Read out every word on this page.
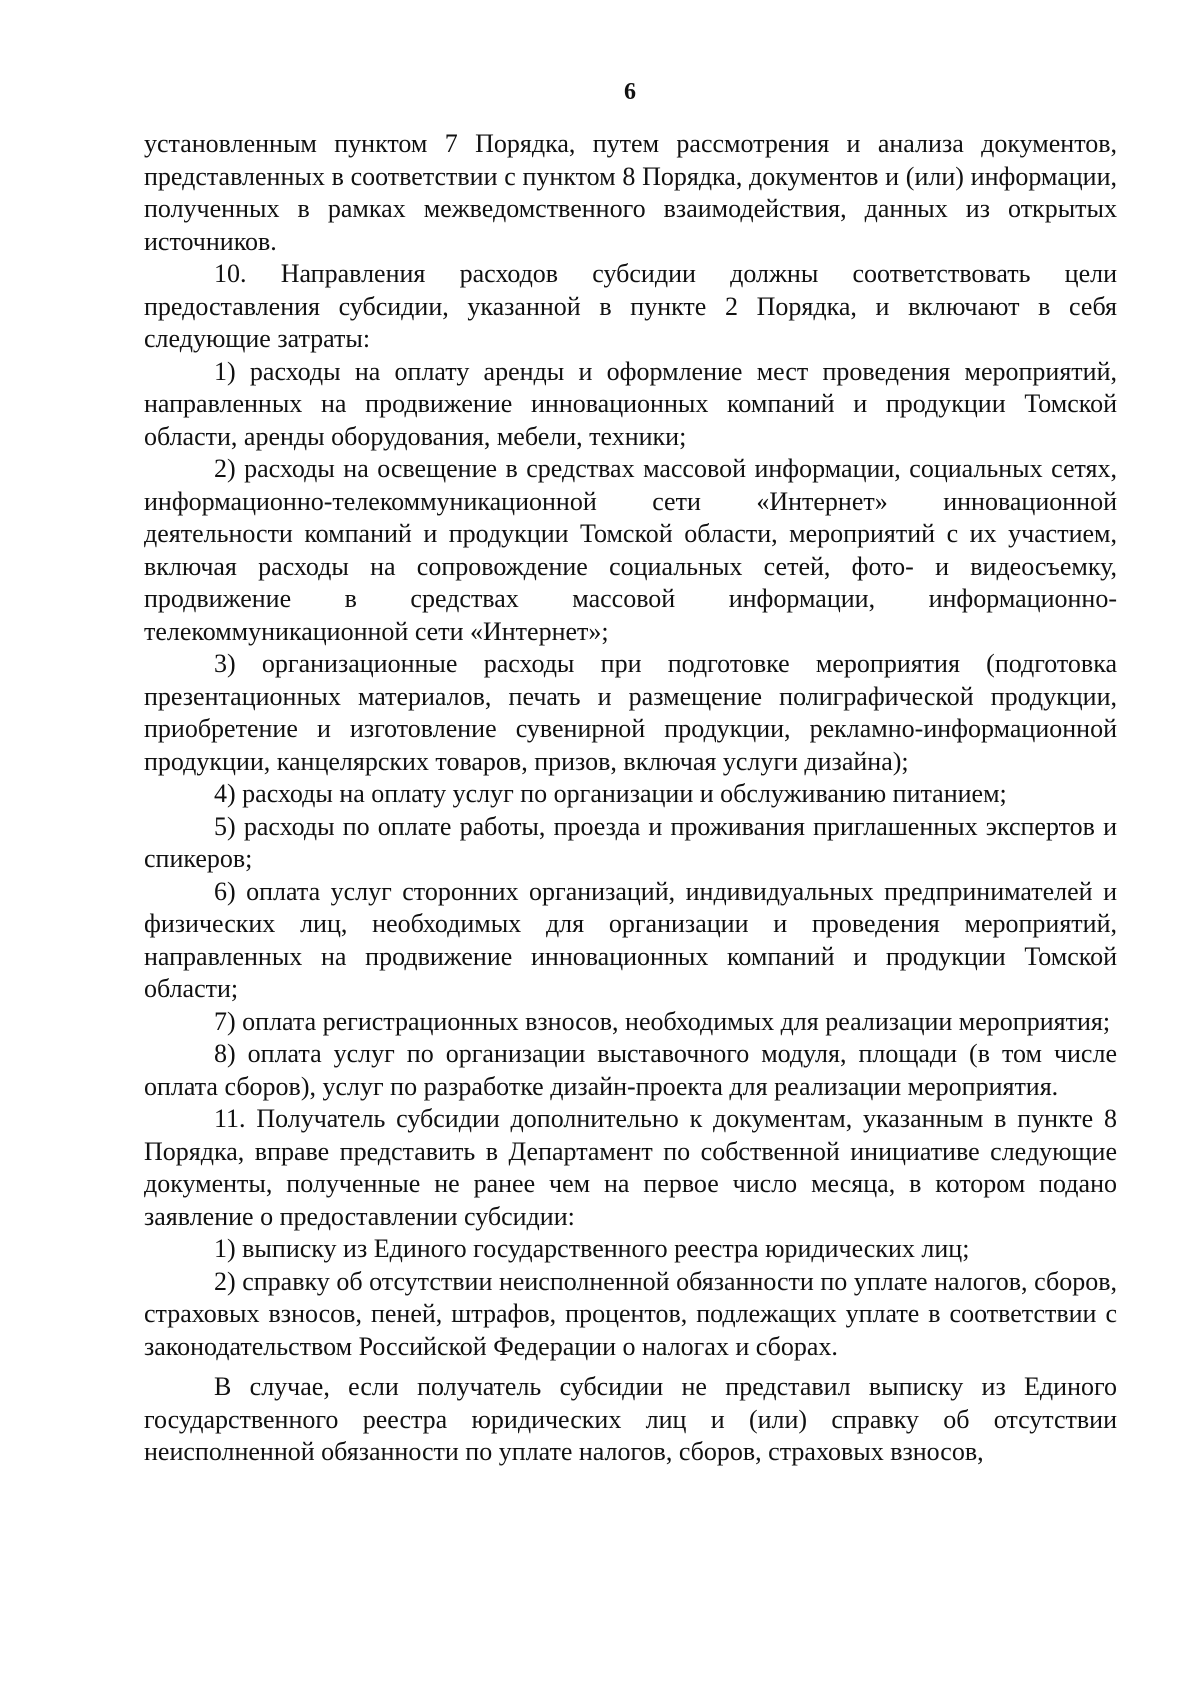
6

установленным пунктом 7 Порядка, путем рассмотрения и анализа документов, представленных в соответствии с пунктом 8 Порядка, документов и (или) информации, полученных в рамках межведомственного взаимодействия, данных из открытых источников.

10. Направления расходов субсидии должны соответствовать цели предоставления субсидии, указанной в пункте 2 Порядка, и включают в себя следующие затраты:

1) расходы на оплату аренды и оформление мест проведения мероприятий, направленных на продвижение инновационных компаний и продукции Томской области, аренды оборудования, мебели, техники;

2) расходы на освещение в средствах массовой информации, социальных сетях, информационно-телекоммуникационной сети «Интернет» инновационной деятельности компаний и продукции Томской области, мероприятий с их участием, включая расходы на сопровождение социальных сетей, фото- и видеосъемку, продвижение в средствах массовой информации, информационно-телекоммуникационной сети «Интернет»;

3) организационные расходы при подготовке мероприятия (подготовка презентационных материалов, печать и размещение полиграфической продукции, приобретение и изготовление сувенирной продукции, рекламно-информационной продукции, канцелярских товаров, призов, включая услуги дизайна);

4) расходы на оплату услуг по организации и обслуживанию питанием;

5) расходы по оплате работы, проезда и проживания приглашенных экспертов и спикеров;

6) оплата услуг сторонних организаций, индивидуальных предпринимателей и физических лиц, необходимых для организации и проведения мероприятий, направленных на продвижение инновационных компаний и продукции Томской области;

7) оплата регистрационных взносов, необходимых для реализации мероприятия;

8) оплата услуг по организации выставочного модуля, площади (в том числе оплата сборов), услуг по разработке дизайн-проекта для реализации мероприятия.

11. Получатель субсидии дополнительно к документам, указанным в пункте 8 Порядка, вправе представить в Департамент по собственной инициативе следующие документы, полученные не ранее чем на первое число месяца, в котором подано заявление о предоставлении субсидии:

1) выписку из Единого государственного реестра юридических лиц;

2) справку об отсутствии неисполненной обязанности по уплате налогов, сборов, страховых взносов, пеней, штрафов, процентов, подлежащих уплате в соответствии с законодательством Российской Федерации о налогах и сборах.

В случае, если получатель субсидии не представил выписку из Единого государственного реестра юридических лиц и (или) справку об отсутствии неисполненной обязанности по уплате налогов, сборов, страховых взносов,
